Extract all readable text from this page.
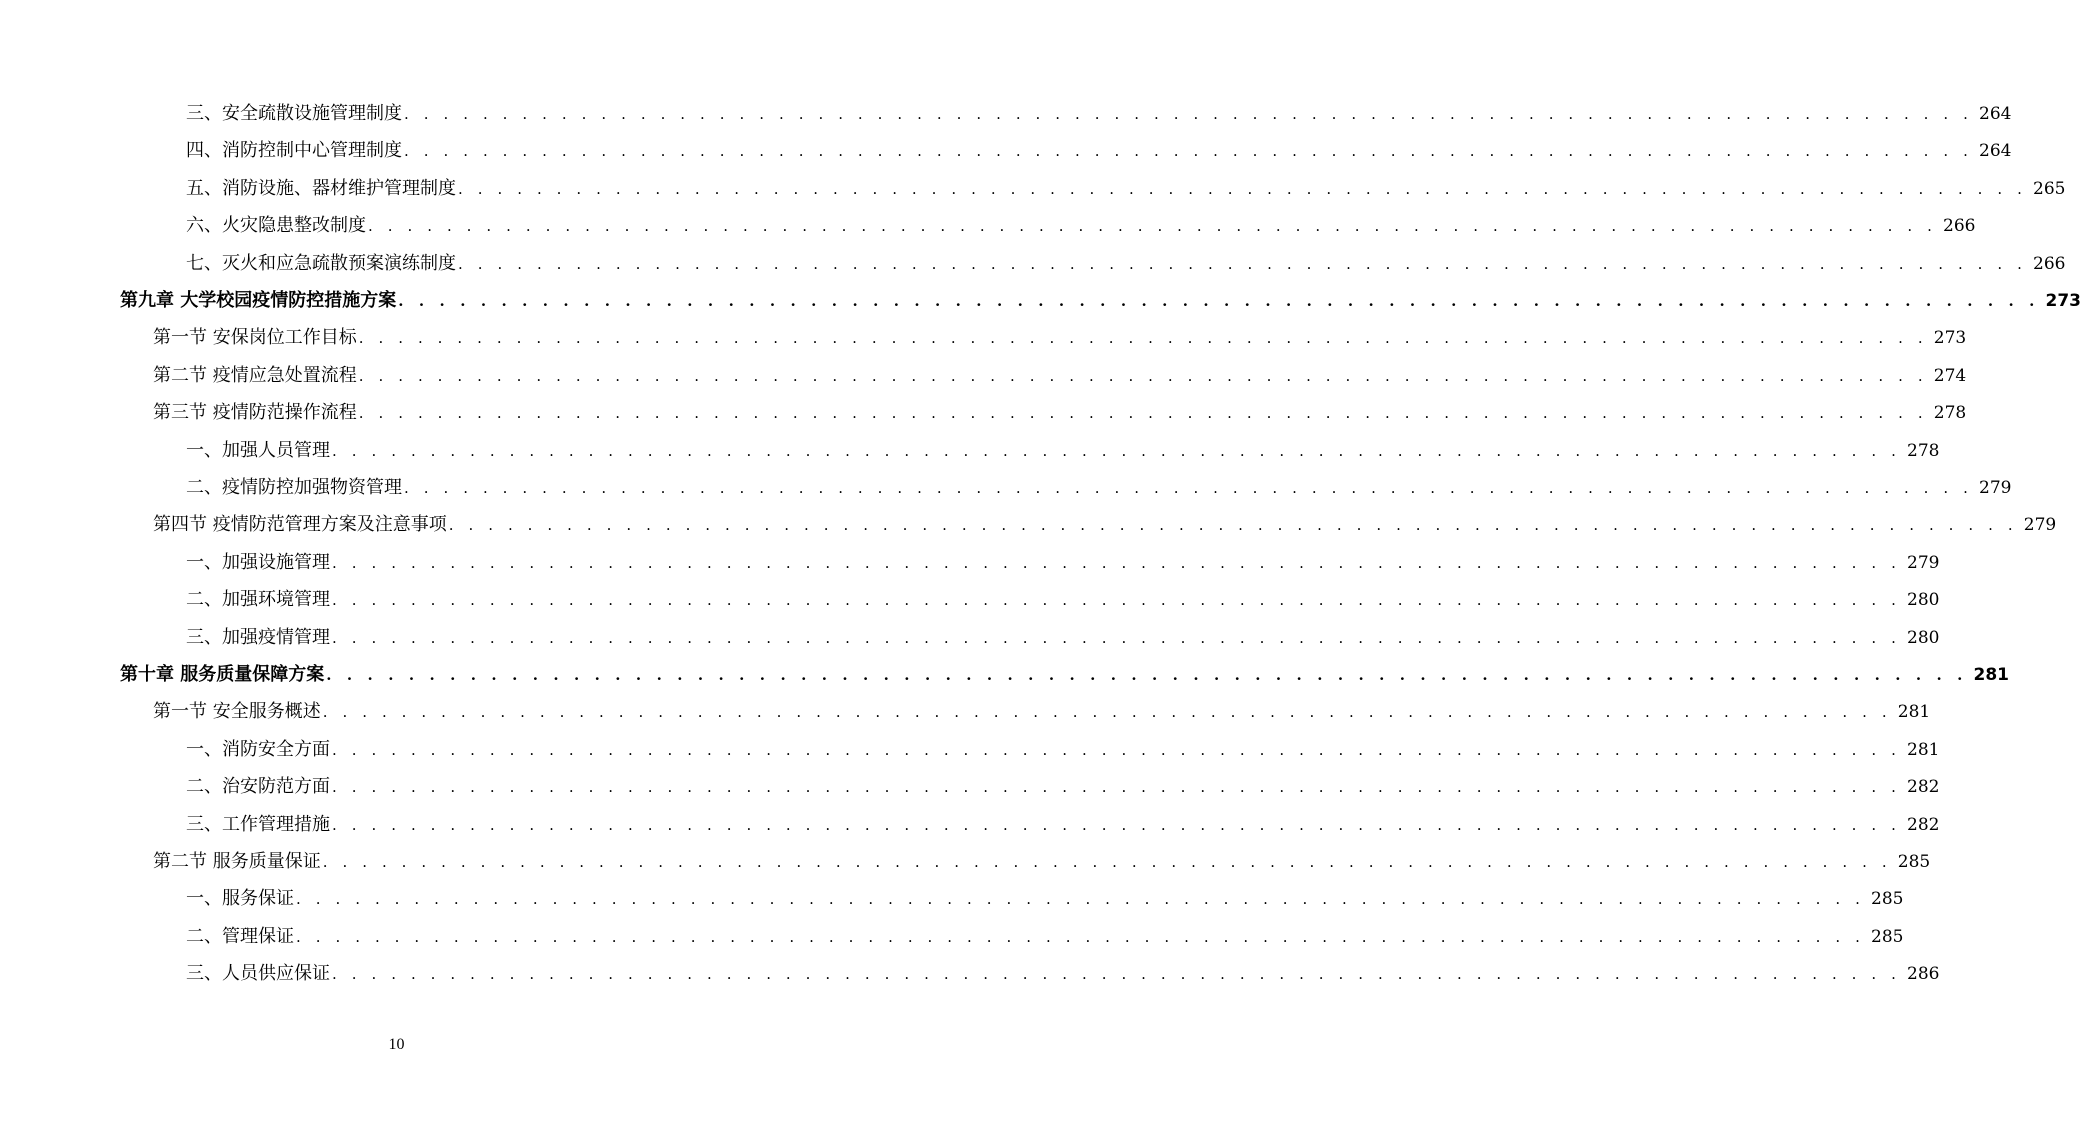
三、安全疏散设施管理制度 . . . . . . . . . . . . . . . . . . . . . . . . . . . . . . . . . . . . . . . . . . . . . . . . . . . . . . . . . . . . . . . . . . . . . . . . . . . . . . . . 264
四、消防控制中心管理制度 . . . . . . . . . . . . . . . . . . . . . . . . . . . . . . . . . . . . . . . . . . . . . . . . . . . . . . . . . . . . . . . . . . . . . . . . . . . . . . . . 264
五、消防设施、器材维护管理制度 . . . . . . . . . . . . . . . . . . . . . . . . . . . . . . . . . . . . . . . . . . . . . . . . . . . . . . . . . . . . . . . . . . . . . . . . . . . . . . . . 265
六、火灾隐患整改制度 . . . . . . . . . . . . . . . . . . . . . . . . . . . . . . . . . . . . . . . . . . . . . . . . . . . . . . . . . . . . . . . . . . . . . . . . . . . . . . . . 266
七、灭火和应急疏散预案演练制度 . . . . . . . . . . . . . . . . . . . . . . . . . . . . . . . . . . . . . . . . . . . . . . . . . . . . . . . . . . . . . . . . . . . . . . . . . . . . . . . . 266
第九章 大学校园疫情防控措施方案 . . . . . . . . . . . . . . . . . . . . . . . . . . . . . . . . . . . . . . . . . . . . . . . . . . . . . . . . . . . . . . . . . . . . . . . . . . . . . . . . 273
第一节 安保岗位工作目标 . . . . . . . . . . . . . . . . . . . . . . . . . . . . . . . . . . . . . . . . . . . . . . . . . . . . . . . . . . . . . . . . . . . . . . . . . . . . . . . . 273
第二节 疫情应急处置流程 . . . . . . . . . . . . . . . . . . . . . . . . . . . . . . . . . . . . . . . . . . . . . . . . . . . . . . . . . . . . . . . . . . . . . . . . . . . . . . . . 274
第三节 疫情防范操作流程 . . . . . . . . . . . . . . . . . . . . . . . . . . . . . . . . . . . . . . . . . . . . . . . . . . . . . . . . . . . . . . . . . . . . . . . . . . . . . . . . 278
一、加强人员管理 . . . . . . . . . . . . . . . . . . . . . . . . . . . . . . . . . . . . . . . . . . . . . . . . . . . . . . . . . . . . . . . . . . . . . . . . . . . . . . . . 278
二、疫情防控加强物资管理 . . . . . . . . . . . . . . . . . . . . . . . . . . . . . . . . . . . . . . . . . . . . . . . . . . . . . . . . . . . . . . . . . . . . . . . . . . . . . . . . 279
第四节 疫情防范管理方案及注意事项 . . . . . . . . . . . . . . . . . . . . . . . . . . . . . . . . . . . . . . . . . . . . . . . . . . . . . . . . . . . . . . . . . . . . . . . . . . . . . . . . 279
一、加强设施管理 . . . . . . . . . . . . . . . . . . . . . . . . . . . . . . . . . . . . . . . . . . . . . . . . . . . . . . . . . . . . . . . . . . . . . . . . . . . . . . . . 279
二、加强环境管理 . . . . . . . . . . . . . . . . . . . . . . . . . . . . . . . . . . . . . . . . . . . . . . . . . . . . . . . . . . . . . . . . . . . . . . . . . . . . . . . . 280
三、加强疫情管理 . . . . . . . . . . . . . . . . . . . . . . . . . . . . . . . . . . . . . . . . . . . . . . . . . . . . . . . . . . . . . . . . . . . . . . . . . . . . . . . . 280
第十章 服务质量保障方案 . . . . . . . . . . . . . . . . . . . . . . . . . . . . . . . . . . . . . . . . . . . . . . . . . . . . . . . . . . . . . . . . . . . . . . . . . . . . . . . . 281
第一节 安全服务概述 . . . . . . . . . . . . . . . . . . . . . . . . . . . . . . . . . . . . . . . . . . . . . . . . . . . . . . . . . . . . . . . . . . . . . . . . . . . . . . . . 281
一、消防安全方面 . . . . . . . . . . . . . . . . . . . . . . . . . . . . . . . . . . . . . . . . . . . . . . . . . . . . . . . . . . . . . . . . . . . . . . . . . . . . . . . . 281
二、治安防范方面 . . . . . . . . . . . . . . . . . . . . . . . . . . . . . . . . . . . . . . . . . . . . . . . . . . . . . . . . . . . . . . . . . . . . . . . . . . . . . . . . 282
三、工作管理措施 . . . . . . . . . . . . . . . . . . . . . . . . . . . . . . . . . . . . . . . . . . . . . . . . . . . . . . . . . . . . . . . . . . . . . . . . . . . . . . . . 282
第二节 服务质量保证 . . . . . . . . . . . . . . . . . . . . . . . . . . . . . . . . . . . . . . . . . . . . . . . . . . . . . . . . . . . . . . . . . . . . . . . . . . . . . . . . 285
一、服务保证 . . . . . . . . . . . . . . . . . . . . . . . . . . . . . . . . . . . . . . . . . . . . . . . . . . . . . . . . . . . . . . . . . . . . . . . . . . . . . . . . 285
二、管理保证 . . . . . . . . . . . . . . . . . . . . . . . . . . . . . . . . . . . . . . . . . . . . . . . . . . . . . . . . . . . . . . . . . . . . . . . . . . . . . . . . 285
三、人员供应保证 . . . . . . . . . . . . . . . . . . . . . . . . . . . . . . . . . . . . . . . . . . . . . . . . . . . . . . . . . . . . . . . . . . . . . . . . . . . . . . . . 286
10
